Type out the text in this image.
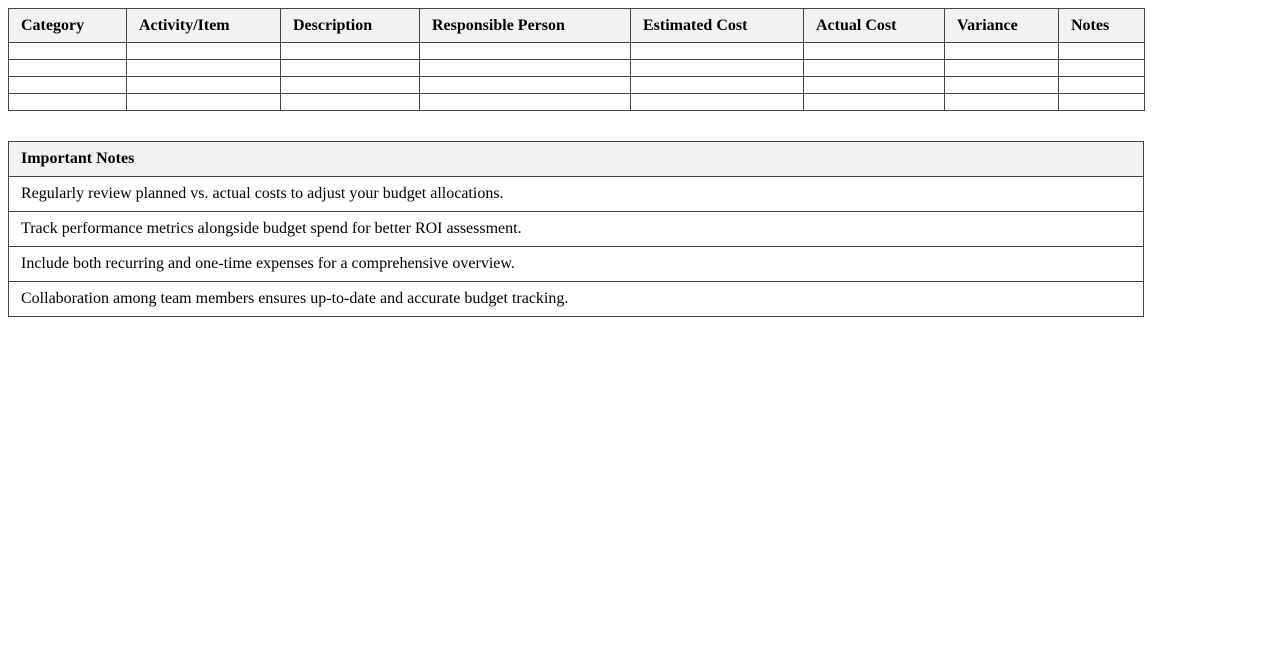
Category	Activity/Item	Description	Responsible Person	Estimated Cost	Actual Cost	Variance	Notes

Important Notes
Regularly review planned vs. actual costs to adjust your budget allocations.
Track performance metrics alongside budget spend for better ROI assessment.
Include both recurring and one-time expenses for a comprehensive overview.
Collaboration among team members ensures up-to-date and accurate budget tracking.
